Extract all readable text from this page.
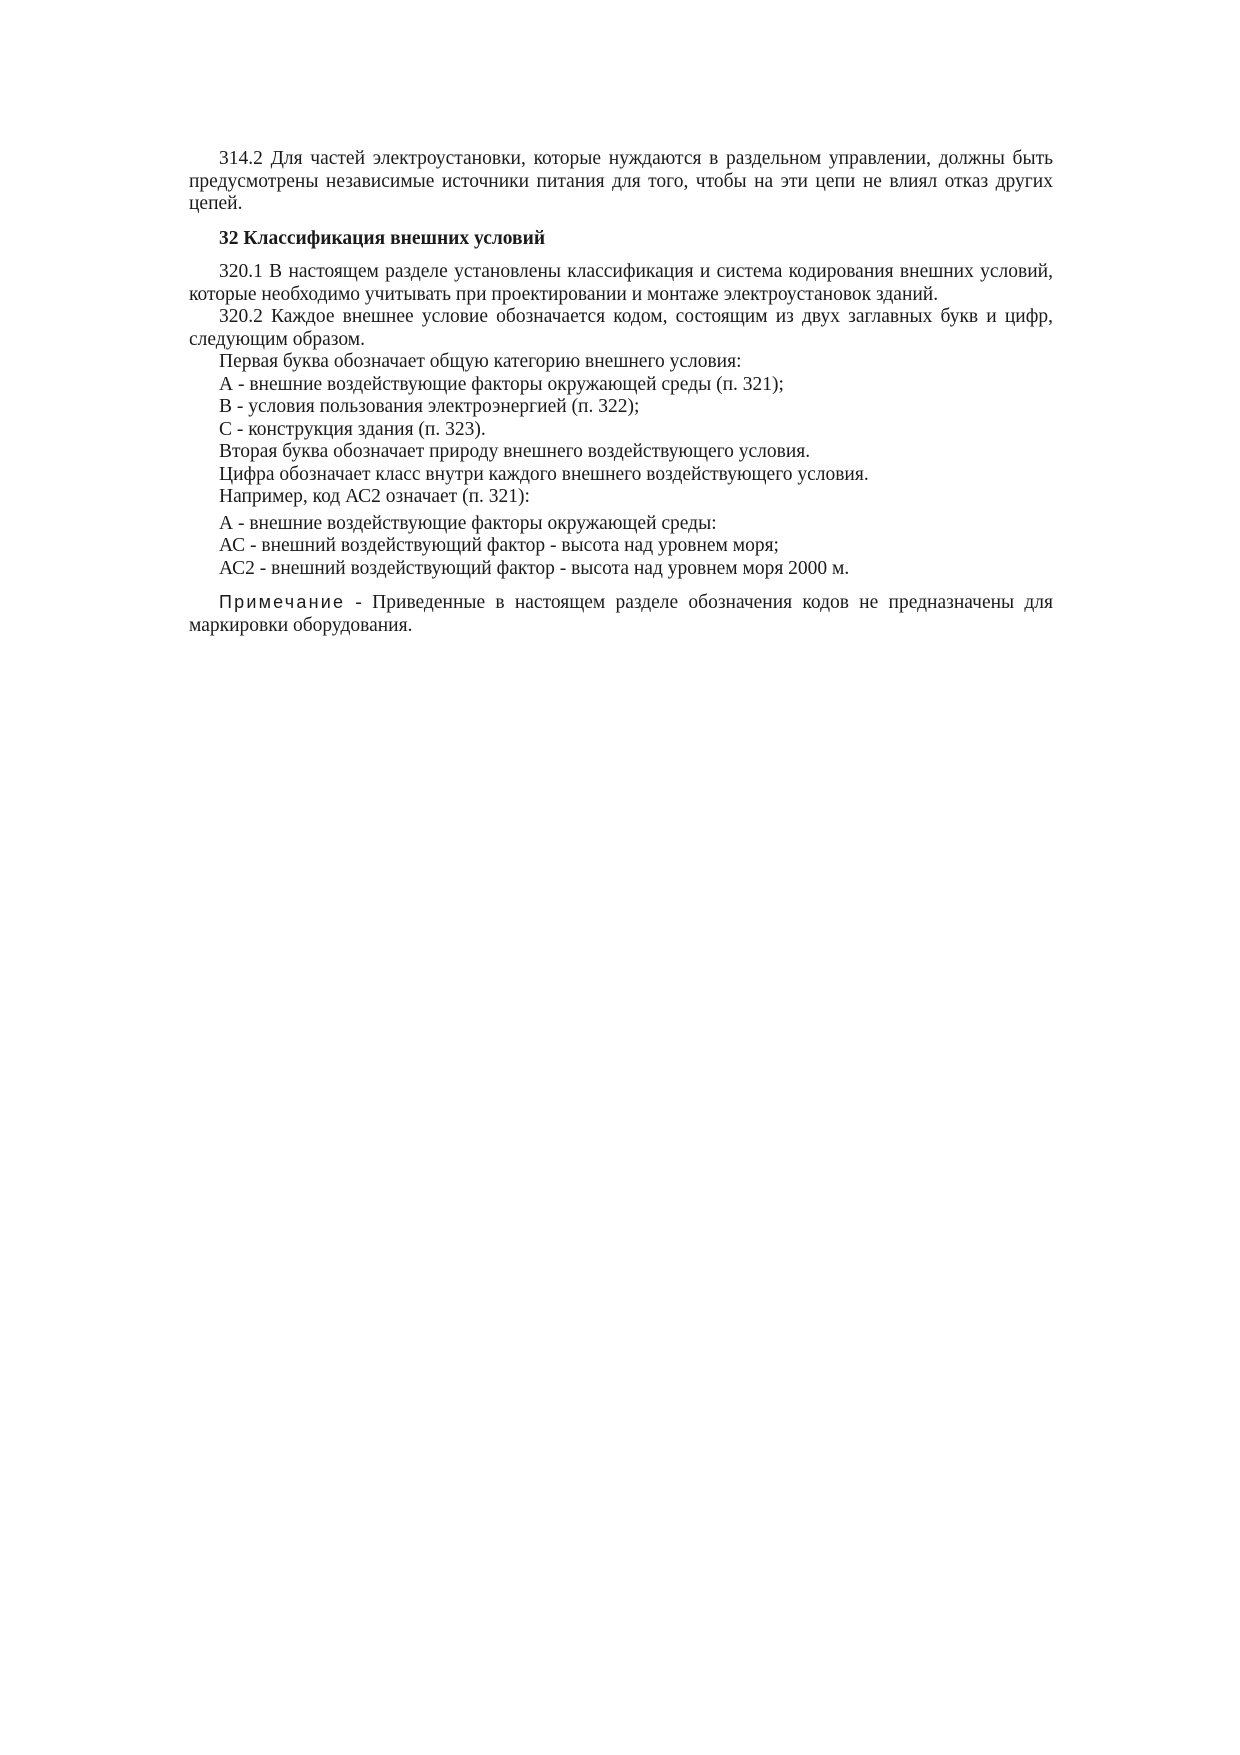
314.2 Для частей электроустановки, которые нуждаются в раздельном управлении, должны быть предусмотрены независимые источники питания для того, чтобы на эти цепи не влиял отказ других цепей.

32 Классификация внешних условий

320.1 В настоящем разделе установлены классификация и система кодирования внешних условий, которые необходимо учитывать при проектировании и монтаже электроустановок зданий.

320.2 Каждое внешнее условие обозначается кодом, состоящим из двух заглавных букв и цифр, следующим образом.

Первая буква обозначает общую категорию внешнего условия:

А - внешние воздействующие факторы окружающей среды (п. 321);

В - условия пользования электроэнергией (п. 322);

С - конструкция здания (п. 323).

Вторая буква обозначает природу внешнего воздействующего условия.

Цифра обозначает класс внутри каждого внешнего воздействующего условия.

Например, код АС2 означает (п. 321):

А - внешние воздействующие факторы окружающей среды:

АС - внешний воздействующий фактор - высота над уровнем моря;

АС2 - внешний воздействующий фактор - высота над уровнем моря 2000 м.

Примечание - Приведенные в настоящем разделе обозначения кодов не предназначены для маркировки оборудования.
